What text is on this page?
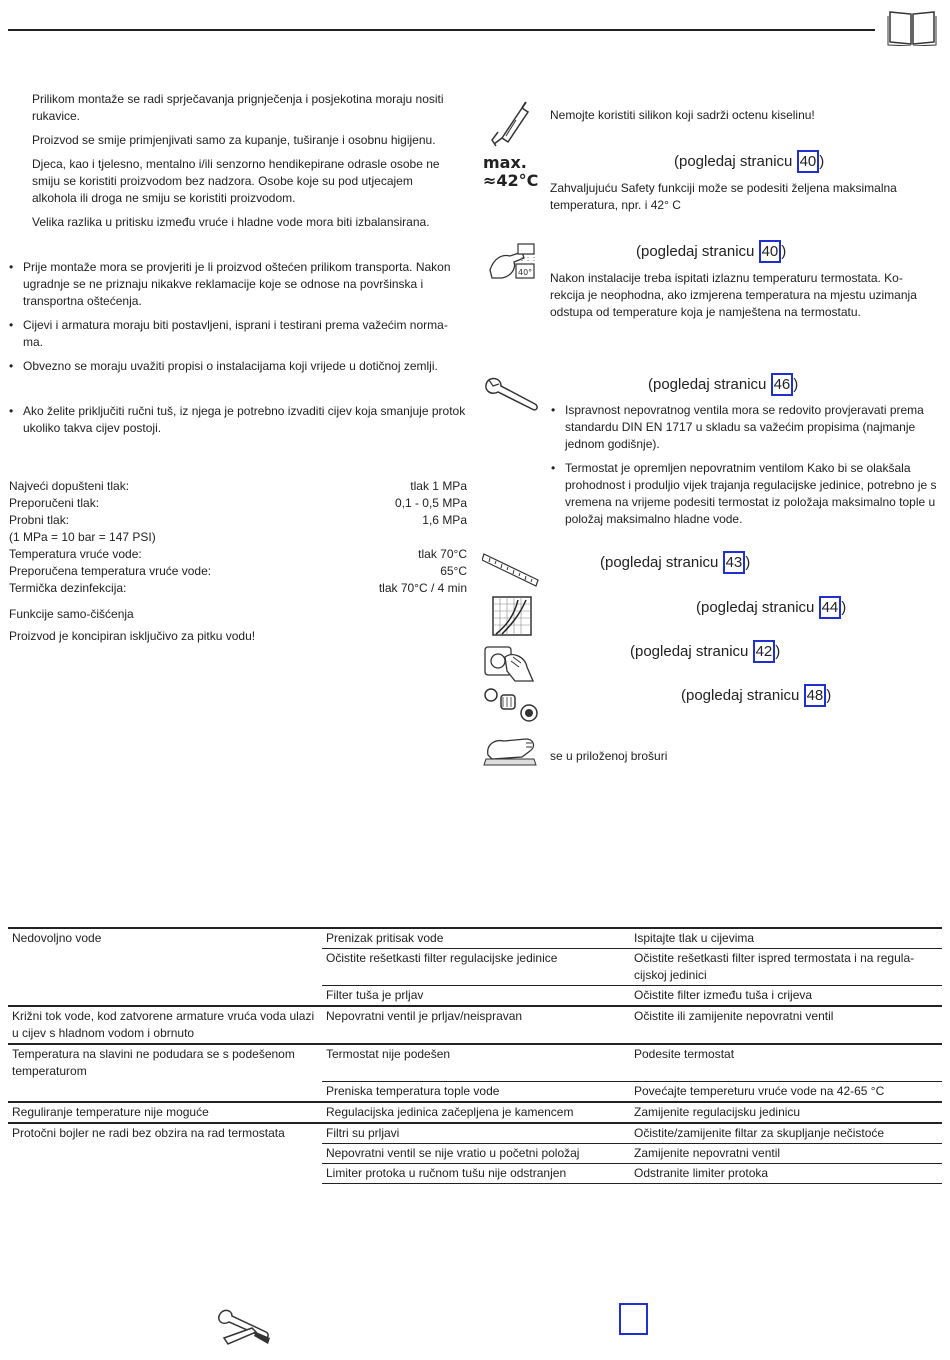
Prilikom montaže se radi sprječavanja prignječenja i posjekotina moraju nositi rukavice.

Proizvod se smije primjenjivati samo za kupanje, tuširanje i osobnu higijenu.

Djeca, kao i tjelesno, mentalno i/ili senzorno hendikepirane odrasle osobe ne smiju se koristiti proizvodom bez nadzora. Osobe koje su pod utjecajem alkohola ili droga ne smiju se koristiti proizvodom.

Velika razlika u pritisku između vruće i hladne vode mora biti izbalansirana.

• Prije montaže mora se provjeriti je li proizvod oštećen prilikom transporta. Nakon ugradnje se ne priznaju nikakve reklamacije koje se odnose na površinska i transportna oštećenja.
• Cijevi i armatura moraju biti postavljeni, isprani i testirani prema važećim norma-ma.
• Obvezno se moraju uvažiti propisi o instalacijama koji vrijede u dotičnoj zemlji.
• Ako želite priključiti ručni tuš, iz njega je potrebno izvaditi cijev koja smanjuje protok ukoliko takva cijev postoji.
Najveći dopušteni tlak:	tlak 1 MPa
Preporučeni tlak:	0,1 - 0,5 MPa
Probni tlak:	1,6 MPa
(1 MPa = 10 bar = 147 PSI)
Temperatura vruće vode:	tlak 70°C
Preporučena temperatura vruće vode:	65°C
Termička dezinfekcija:	tlak 70°C / 4 min
Funkcije samo-čišćenja
Proizvod je koncipiran isključivo za pitku vodu!
max.
≈42°C
40°
Nemojte koristiti silikon koji sadrži octenu kiselinu!
(pogledaj stranicu 40 )
Zahvaljujuću Safety funkciji može se podesiti željena maksimalna temperatura, npr. i 42° C
(pogledaj stranicu 40 )
Nakon instalacije treba ispitati izlaznu temperaturu termostata. Ko-rekcija je neophodna, ako izmjerena temperatura na mjestu uzimanja odstupa od temperature koja je namještena na termostatu.
(pogledaj stranicu 46 )
• Ispravnost nepovratnog ventila mora se redovito provjeravati prema standardu DIN EN 1717 u skladu sa važećim propisima (najmanje jednom godišnje).
• Termostat je opremljen nepovratnim ventilom Kako bi se olakšala prohodnost i produljio vijek trajanja regulacijske jedinice, potrebno je s vremena na vrijeme podesiti termostat iz položaja maksimalno tople u položaj maksimalno hladne vode.
(pogledaj stranicu 43 )
(pogledaj stranicu 44 )
(pogledaj stranicu 42 )
(pogledaj stranicu 48 )
se u priloženoj brošuri
Nedovoljno vode	Prenizak pritisak vode	Ispitajte tlak u cijevima
	Očistite rešetkasti filter regulacijske jedinice	Očistite rešetkasti filter ispred termostata i na regula-cijskoj jedinici
	Filter tuša je prljav	Očistite filter između tuša i crijeva
Križni tok vode, kod zatvorene armature vruća voda ulazi u cijev s hladnom vodom i obrnuto	Nepovratni ventil je prljav/neispravan	Očistite ili zamijenite nepovratni ventil
Temperatura na slavini ne podudara se s podešenom temperaturom	Termostat nije podešen	Podesite termostat
	Preniska temperatura tople vode	Povećajte tempereturu vruće vode na 42-65 °C
Reguliranje temperature nije moguće	Regulacijska jedinica začepljena je kamencem	Zamijenite regulacijsku jedinicu
Protočni bojler ne radi bez obzira na rad termostata	Filtri su prljavi	Očistite/zamijenite filtar za skupljanje nečistoće
	Nepovratni ventil se nije vratio u početni položaj	Zamijenite nepovratni ventil
	Limiter protoka u ručnom tušu nije odstranjen	Odstranite limiter protoka
